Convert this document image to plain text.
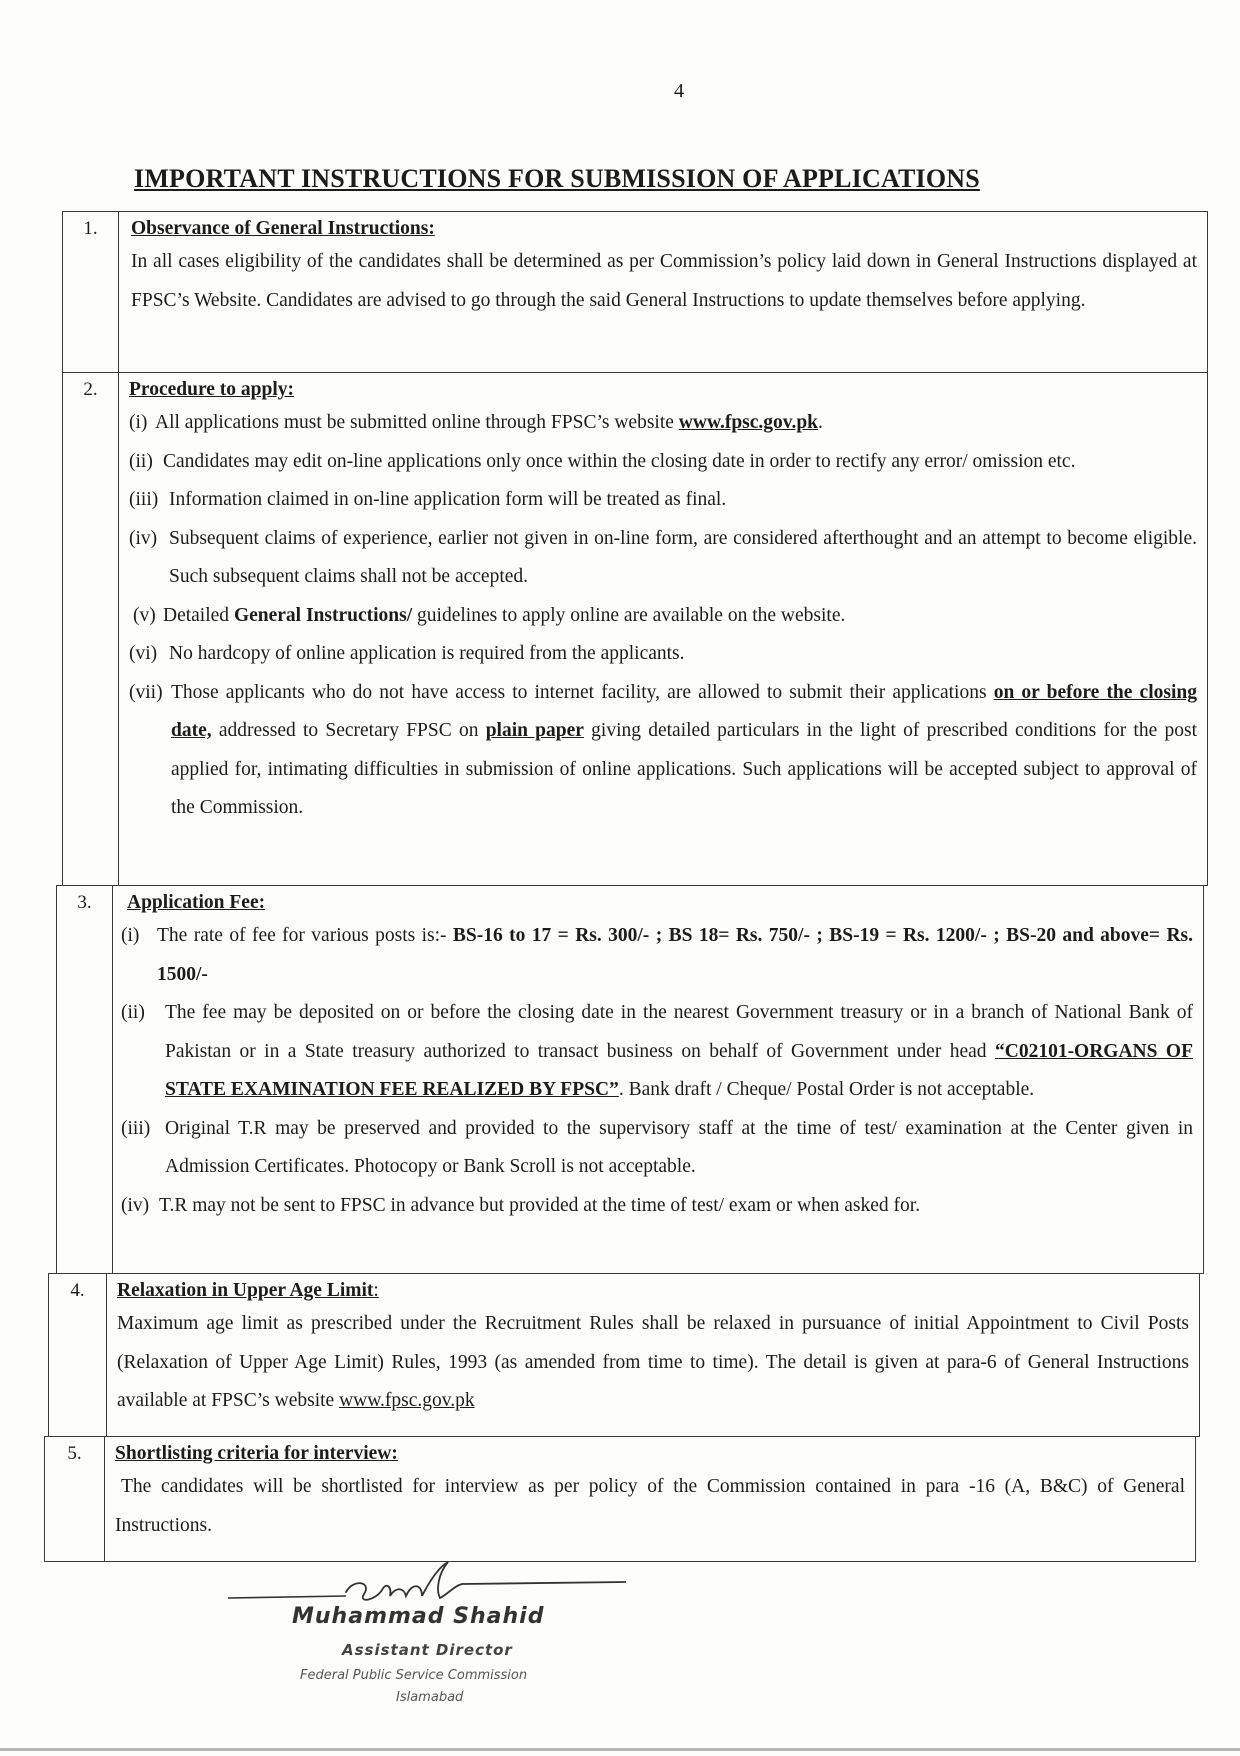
4
IMPORTANT INSTRUCTIONS FOR SUBMISSION OF APPLICATIONS
1.	Observance of General Instructions:
In all cases eligibility of the candidates shall be determined as per Commission’s policy laid down in General Instructions displayed at FPSC’s Website. Candidates are advised to go through the said General Instructions to update themselves before applying.
2.	Procedure to apply:
(i) All applications must be submitted online through FPSC’s website www.fpsc.gov.pk.
(ii) Candidates may edit on-line applications only once within the closing date in order to rectify any error/ omission etc.
(iii) Information claimed in on-line application form will be treated as final.
(iv) Subsequent claims of experience, earlier not given in on-line form, are considered afterthought and an attempt to become eligible. Such subsequent claims shall not be accepted.
(v) Detailed General Instructions/ guidelines to apply online are available on the website.
(vi) No hardcopy of online application is required from the applicants.
(vii) Those applicants who do not have access to internet facility, are allowed to submit their applications on or before the closing date, addressed to Secretary FPSC on plain paper giving detailed particulars in the light of prescribed conditions for the post applied for, intimating difficulties in submission of online applications. Such applications will be accepted subject to approval of the Commission.
3.	Application Fee:
(i) The rate of fee for various posts is:- BS-16 to 17 = Rs. 300/- ; BS 18= Rs. 750/- ; BS-19 = Rs. 1200/- ; BS-20 and above= Rs. 1500/-
(ii)	The fee may be deposited on or before the closing date in the nearest Government treasury or in a branch of National Bank of Pakistan or in a State treasury authorized to transact business on behalf of Government under head “C02101-ORGANS OF STATE EXAMINATION FEE REALIZED BY FPSC”. Bank draft / Cheque/ Postal Order is not acceptable.
(iii) Original T.R may be preserved and provided to the supervisory staff at the time of test/ examination at the Center given in Admission Certificates. Photocopy or Bank Scroll is not acceptable.
(iv) T.R may not be sent to FPSC in advance but provided at the time of test/ exam or when asked for.
4.	Relaxation in Upper Age Limit:
Maximum age limit as prescribed under the Recruitment Rules shall be relaxed in pursuance of initial Appointment to Civil Posts (Relaxation of Upper Age Limit) Rules, 1993 (as amended from time to time). The detail is given at para-6 of General Instructions available at FPSC’s website www.fpsc.gov.pk
5.	Shortlisting criteria for interview:
The candidates will be shortlisted for interview as per policy of the Commission contained in para -16 (A, B&C) of General Instructions.
Muhammad Shahid
Assistant Director
Federal Public Service Commission
Islamabad
